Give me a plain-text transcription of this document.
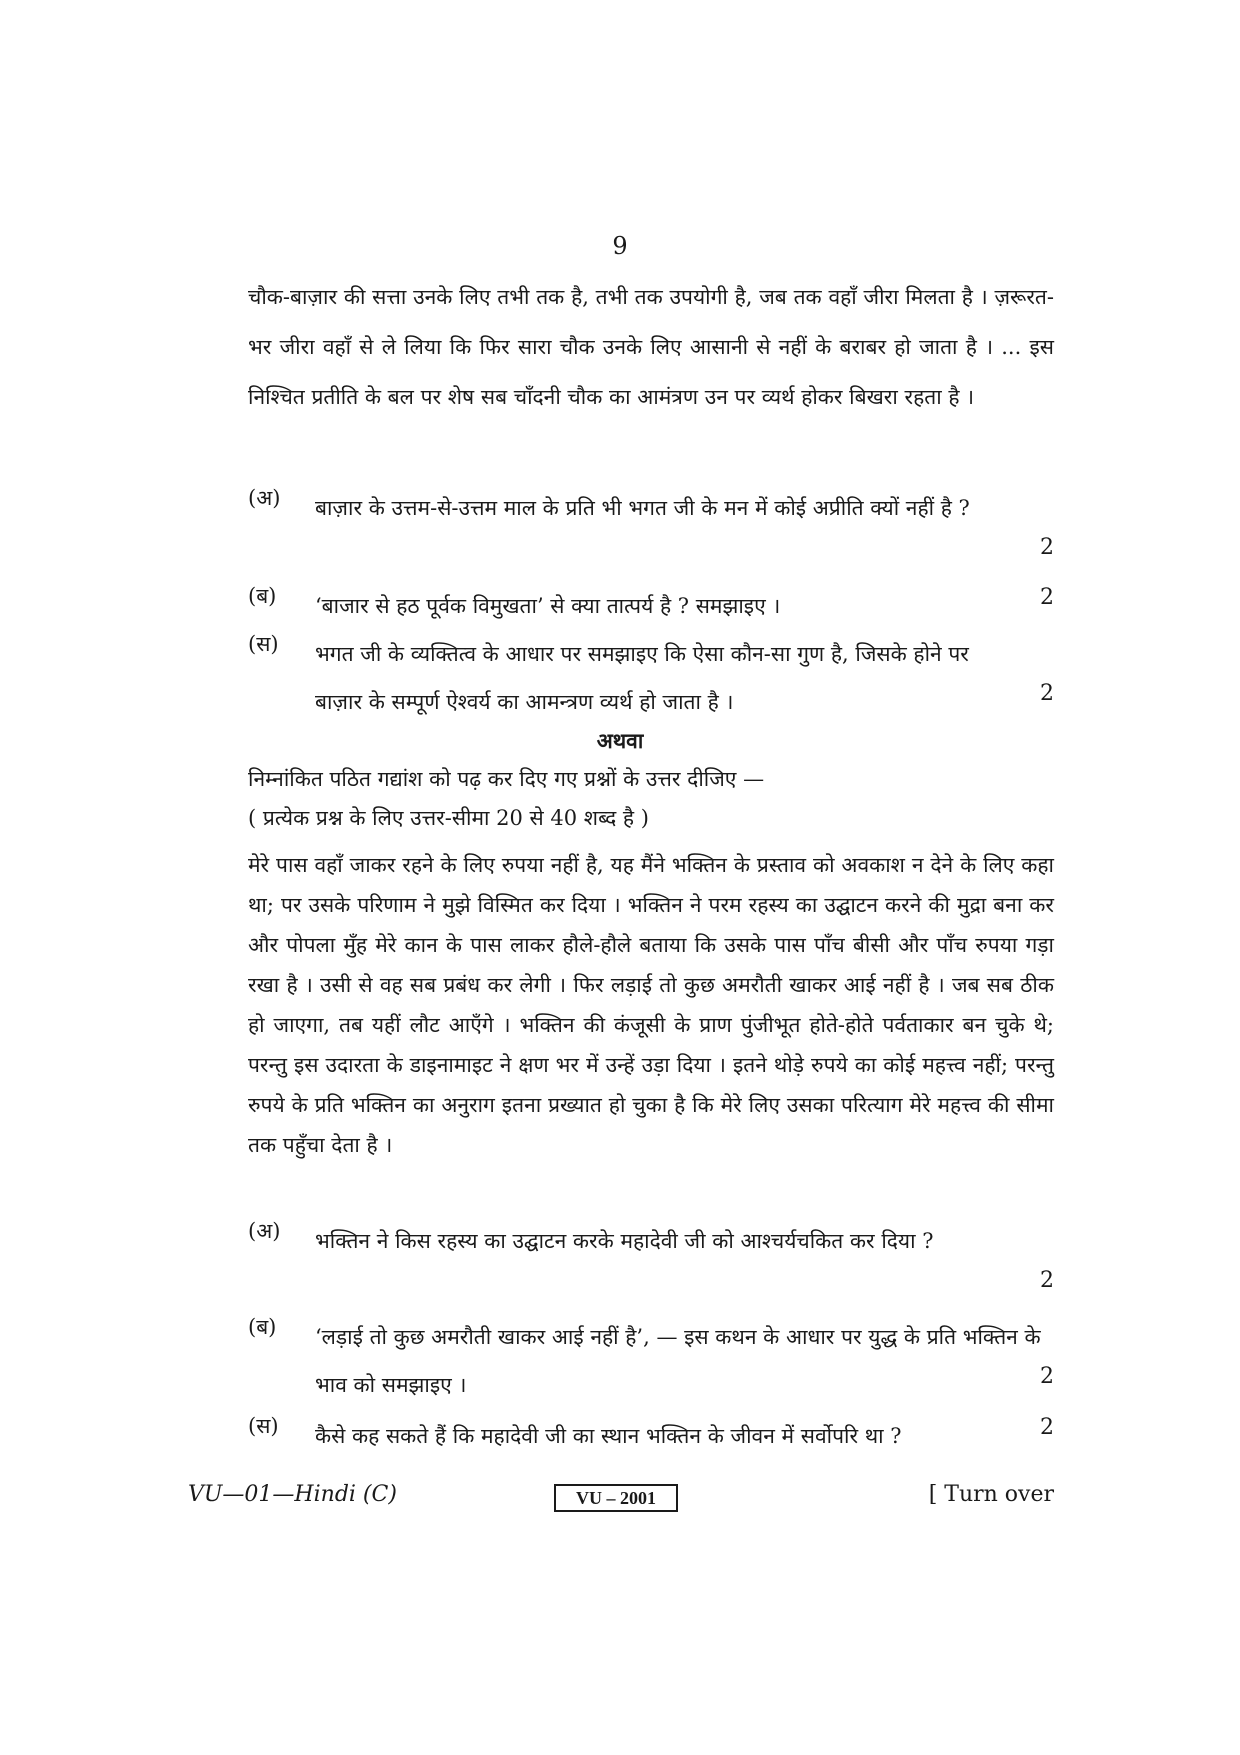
9
चौक-बाज़ार की सत्ता उनके लिए तभी तक है, तभी तक उपयोगी है, जब तक वहाँ जीरा मिलता है । ज़रूरत-भर जीरा वहाँ से ले लिया कि फिर सारा चौक उनके लिए आसानी से नहीं के बराबर हो जाता है । ... इस निश्चित प्रतीति के बल पर शेष सब चाँदनी चौक का आमंत्रण उन पर व्यर्थ होकर बिखरा रहता है ।
(अ) बाज़ार के उत्तम-से-उत्तम माल के प्रति भी भगत जी के मन में कोई अप्रीति क्यों नहीं है ?
2
(ब) ‘बाजार से हठ पूर्वक विमुखता’ से क्या तात्पर्य है ? समझाइए ।	2
(स) भगत जी के व्यक्तित्व के आधार पर समझाइए कि ऐसा कौन-सा गुण है, जिसके होने पर बाज़ार के सम्पूर्ण ऐश्वर्य का आमन्त्रण व्यर्थ हो जाता है ।	2
अथवा
निम्नांकित पठित गद्यांश को पढ़ कर दिए गए प्रश्नों के उत्तर दीजिए —
( प्रत्येक प्रश्न के लिए उत्तर-सीमा 20 से 40 शब्द है )
मेरे पास वहाँ जाकर रहने के लिए रुपया नहीं है, यह मैंने भक्तिन के प्रस्ताव को अवकाश न देने के लिए कहा था; पर उसके परिणाम ने मुझे विस्मित कर दिया । भक्तिन ने परम रहस्य का उद्घाटन करने की मुद्रा बना कर और पोपला मुँह मेरे कान के पास लाकर हौले-हौले बताया कि उसके पास पाँच बीसी और पाँच रुपया गड़ा रखा है । उसी से वह सब प्रबंध कर लेगी । फिर लड़ाई तो कुछ अमरौती खाकर आई नहीं है । जब सब ठीक हो जाएगा, तब यहीं लौट आएँगे । भक्तिन की कंजूसी के प्राण पुंजीभूत होते-होते पर्वताकार बन चुके थे; परन्तु इस उदारता के डाइनामाइट ने क्षण भर में उन्हें उड़ा दिया । इतने थोड़े रुपये का कोई महत्त्व नहीं; परन्तु रुपये के प्रति भक्तिन का अनुराग इतना प्रख्यात हो चुका है कि मेरे लिए उसका परित्याग मेरे महत्त्व की सीमा तक पहुँचा देता है ।
(अ) भक्तिन ने किस रहस्य का उद्घाटन करके महादेवी जी को आश्चर्यचकित कर दिया ?
2
(ब) ‘लड़ाई तो कुछ अमरौती खाकर आई नहीं है’, — इस कथन के आधार पर युद्ध के प्रति भक्तिन के भाव को समझाइए ।	2
(स) कैसे कह सकते हैं कि महादेवी जी का स्थान भक्तिन के जीवन में सर्वोपरि था ?	2
VU—01—Hindi (C)	VU – 2001	[ Turn over
